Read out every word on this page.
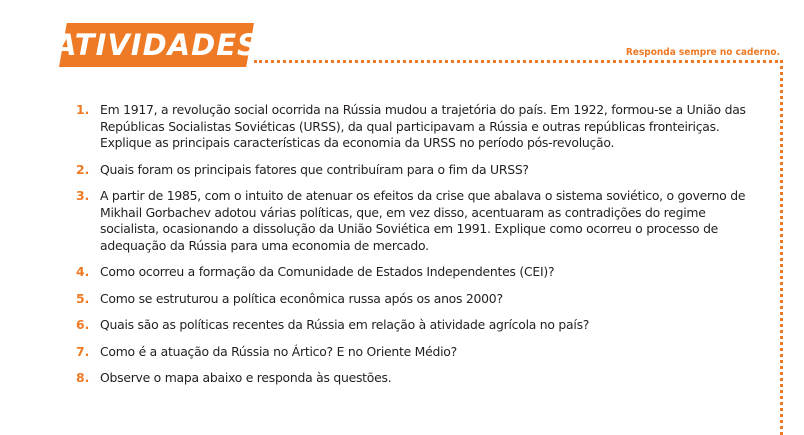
ATIVIDADES	Responda sempre no caderno.
1. Em 1917, a revolução social ocorrida na Rússia mudou a trajetória do país. Em 1922, formou-se a União das Repúblicas Socialistas Soviéticas (URSS), da qual participavam a Rússia e outras repúblicas fronteiriças. Explique as principais características da economia da URSS no período pós-revolução.
2. Quais foram os principais fatores que contribuíram para o fim da URSS?
3. A partir de 1985, com o intuito de atenuar os efeitos da crise que abalava o sistema soviético, o governo de Mikhail Gorbachev adotou várias políticas, que, em vez disso, acentuaram as contradições do regime socialista, ocasionando a dissolução da União Soviética em 1991. Explique como ocorreu o processo de adequação da Rússia para uma economia de mercado.
4. Como ocorreu a formação da Comunidade de Estados Independentes (CEI)?
5. Como se estruturou a política econômica russa após os anos 2000?
6. Quais são as políticas recentes da Rússia em relação à atividade agrícola no país?
7. Como é a atuação da Rússia no Ártico? E no Oriente Médio?
8. Observe o mapa abaixo e responda às questões.
